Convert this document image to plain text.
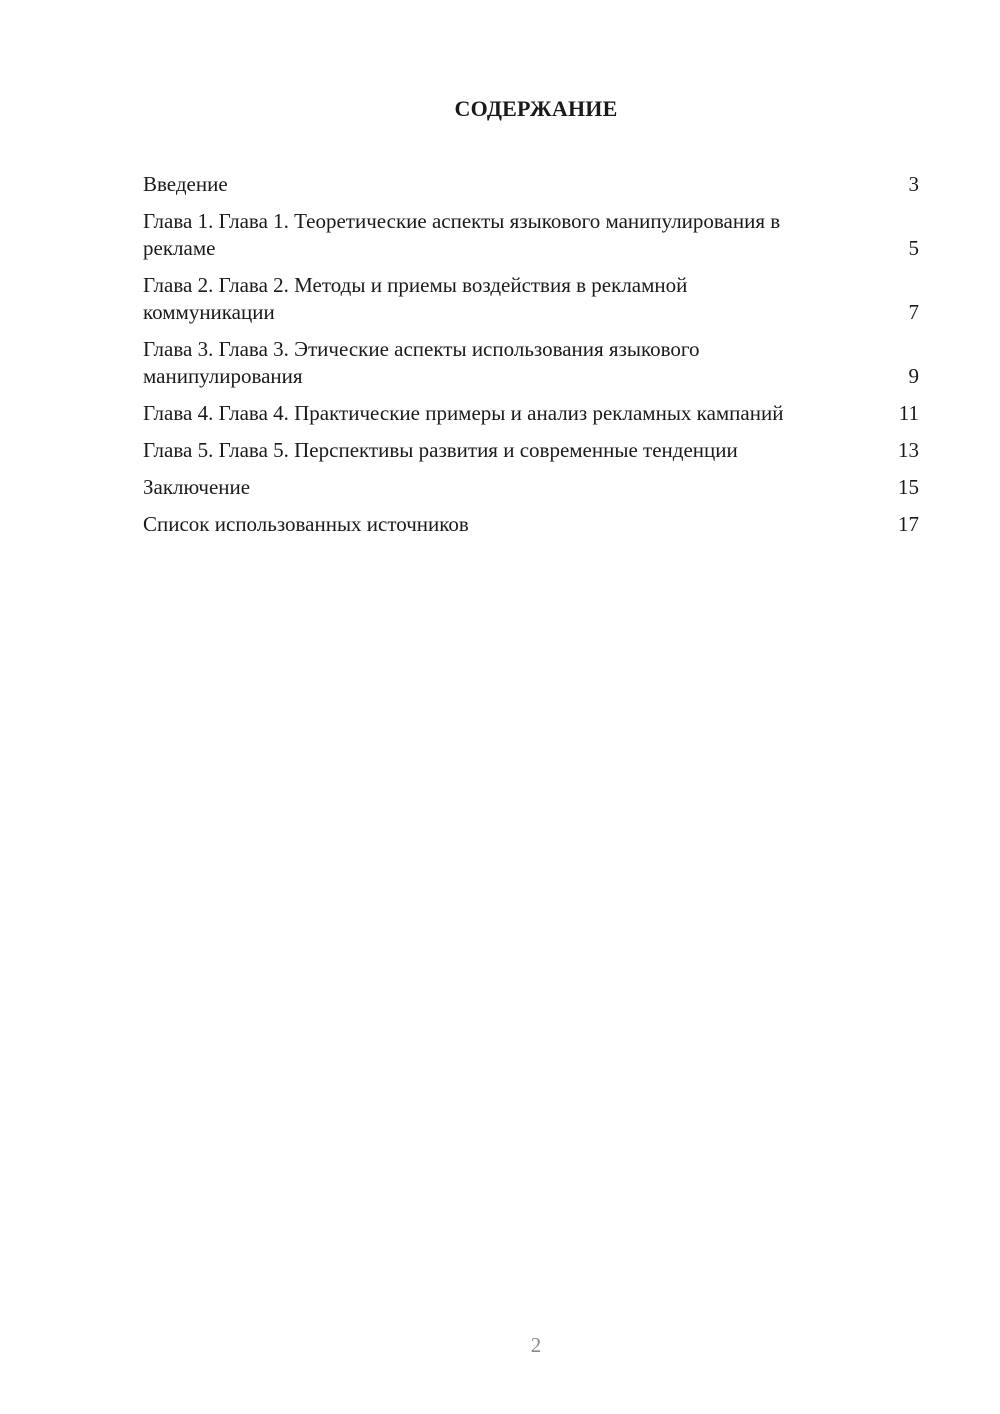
СОДЕРЖАНИЕ
Введение	3
Глава 1. Глава 1. Теоретические аспекты языкового манипулирования в рекламе	5
Глава 2. Глава 2. Методы и приемы воздействия в рекламной коммуникации	7
Глава 3. Глава 3. Этические аспекты использования языкового манипулирования	9
Глава 4. Глава 4. Практические примеры и анализ рекламных кампаний	11
Глава 5. Глава 5. Перспективы развития и современные тенденции	13
Заключение	15
Список использованных источников	17
2
